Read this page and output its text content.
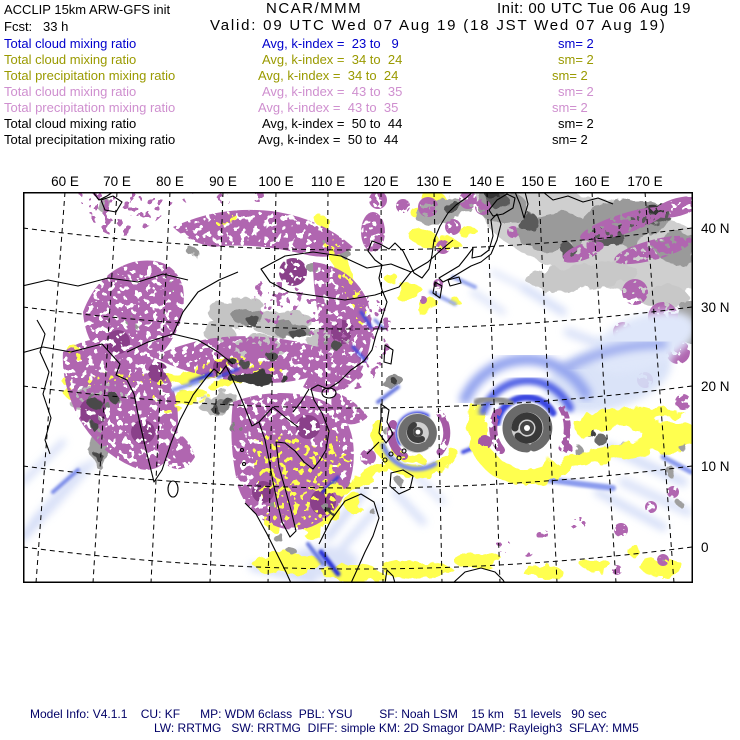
ACCLIP 15km ARW-GFS init	NCAR/MMM	Init: 00 UTC Tue 06 Aug 19
Fcst:   33 h	Valid: 09 UTC Wed 07 Aug 19 (18 JST Wed 07 Aug 19)
Total cloud mixing ratio	Avg, k-index =  23 to   9	sm= 2
Total cloud mixing ratio	Avg, k-index =  34 to  24	sm= 2
Total precipitation mixing ratio	Avg, k-index =  34 to  24	sm= 2
Total cloud mixing ratio	Avg, k-index =  43 to  35	sm= 2
Total precipitation mixing ratio	Avg, k-index =  43 to  35	sm= 2
Total cloud mixing ratio	Avg, k-index =  50 to  44	sm= 2
Total precipitation mixing ratio	Avg, k-index =  50 to  44	sm= 2
60 E 70 E 80 E 90 E 100 E 110 E 120 E 130 E 140 E 150 E 160 E 170 E
40 N
30 N
20 N
10 N
0
Model Info: V4.1.1    CU: KF      MP: WDM 6class  PBL: YSU        SF: Noah LSM    15 km   51 levels   90 sec
LW: RRTMG   SW: RRTMG  DIFF: simple KM: 2D Smagor DAMP: Rayleigh3  SFLAY: MM5
